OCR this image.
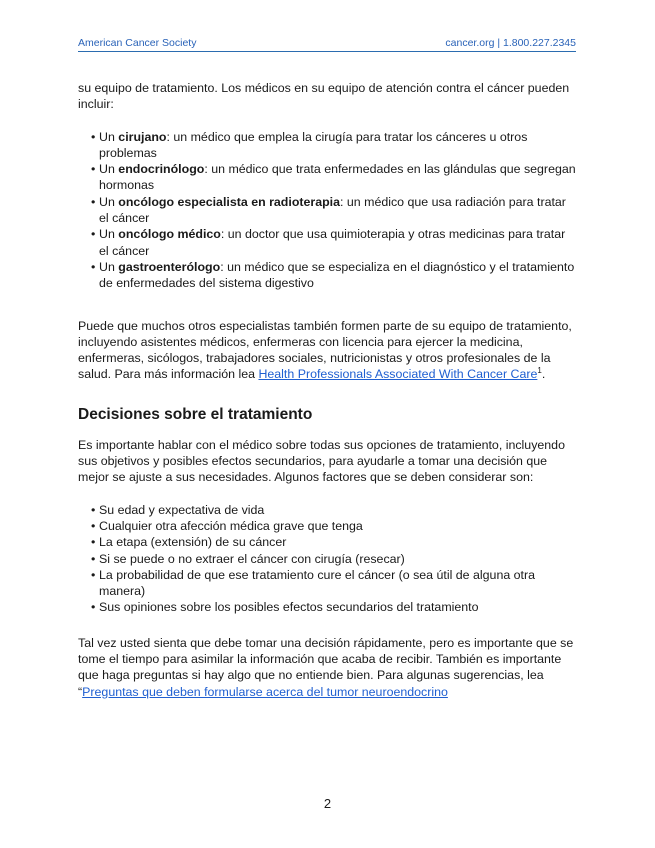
American Cancer Society	cancer.org | 1.800.227.2345

su equipo de tratamiento. Los médicos en su equipo de atención contra el cáncer pueden incluir:

• Un cirujano: un médico que emplea la cirugía para tratar los cánceres u otros problemas
• Un endocrinólogo: un médico que trata enfermedades en las glándulas que segregan hormonas
• Un oncólogo especialista en radioterapia: un médico que usa radiación para tratar el cáncer
• Un oncólogo médico: un doctor que usa quimioterapia y otras medicinas para tratar el cáncer
• Un gastroenterólogo: un médico que se especializa en el diagnóstico y el tratamiento de enfermedades del sistema digestivo

Puede que muchos otros especialistas también formen parte de su equipo de tratamiento, incluyendo asistentes médicos, enfermeras con licencia para ejercer la medicina, enfermeras, sicólogos, trabajadores sociales, nutricionistas y otros profesionales de la salud. Para más información lea Health Professionals Associated With Cancer Care$^1$.

Decisiones sobre el tratamiento

Es importante hablar con el médico sobre todas sus opciones de tratamiento, incluyendo sus objetivos y posibles efectos secundarios, para ayudarle a tomar una decisión que mejor se ajuste a sus necesidades. Algunos factores que se deben considerar son:

• Su edad y expectativa de vida
• Cualquier otra afección médica grave que tenga
• La etapa (extensión) de su cáncer
• Si se puede o no extraer el cáncer con cirugía (resecar)
• La probabilidad de que ese tratamiento cure el cáncer (o sea útil de alguna otra manera)
• Sus opiniones sobre los posibles efectos secundarios del tratamiento

Tal vez usted sienta que debe tomar una decisión rápidamente, pero es importante que se tome el tiempo para asimilar la información que acaba de recibir. También es importante que haga preguntas si hay algo que no entiende bien. Para algunas sugerencias, lea “Preguntas que deben formularse acerca del tumor neuroendocrino

2
